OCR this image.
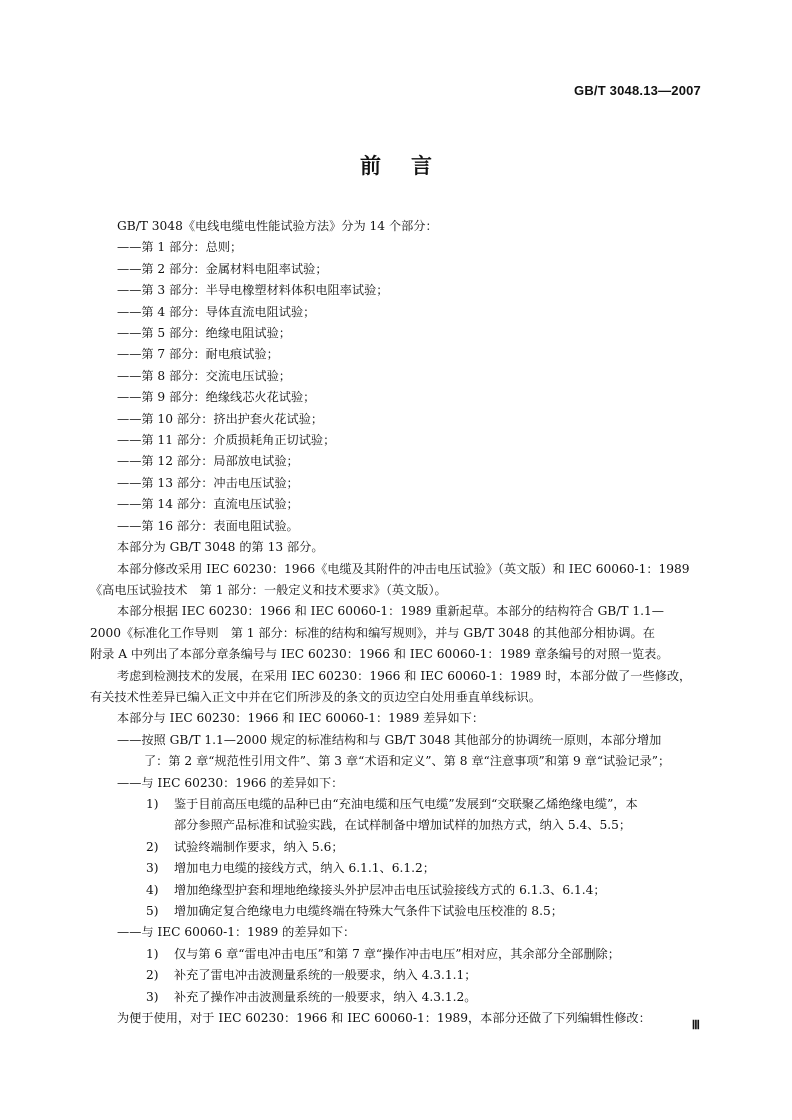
GB/T 3048.13—2007
前 言

GB/T 3048《电线电缆电性能试验方法》分为 14 个部分：

——第 1 部分：总则；

——第 2 部分：金属材料电阻率试验；

——第 3 部分：半导电橡塑材料体积电阻率试验；

——第 4 部分：导体直流电阻试验；

——第 5 部分：绝缘电阻试验；

——第 7 部分：耐电痕试验；

——第 8 部分：交流电压试验；

——第 9 部分：绝缘线芯火花试验；

——第 10 部分：挤出护套火花试验；

——第 11 部分：介质损耗角正切试验；

——第 12 部分：局部放电试验；

——第 13 部分：冲击电压试验；

——第 14 部分：直流电压试验；

——第 16 部分：表面电阻试验。

本部分为 GB/T 3048 的第 13 部分。

本部分修改采用 IEC 60230：1966《电缆及其附件的冲击电压试验》（英文版）和 IEC 60060-1：1989

《高电压试验技术　第 1 部分：一般定义和技术要求》（英文版）。

本部分根据 IEC 60230：1966 和 IEC 60060-1：1989 重新起草。本部分的结构符合 GB/T 1.1—

2000《标准化工作导则　第 1 部分：标准的结构和编写规则》，并与 GB/T 3048 的其他部分相协调。在

附录 A 中列出了本部分章条编号与 IEC 60230：1966 和 IEC 60060-1：1989 章条编号的对照一览表。

考虑到检测技术的发展，在采用 IEC 60230：1966 和 IEC 60060-1：1989 时，本部分做了一些修改，

有关技术性差异已编入正文中并在它们所涉及的条文的页边空白处用垂直单线标识。

本部分与 IEC 60230：1966 和 IEC 60060-1：1989 差异如下：

——按照 GB/T 1.1—2000 规定的标准结构和与 GB/T 3048 其他部分的协调统一原则，本部分增加

了：第 2 章“规范性引用文件”、第 3 章“术语和定义”、第 8 章“注意事项”和第 9 章“试验记录”；

——与 IEC 60230：1966 的差异如下：

1) 鉴于目前高压电缆的品种已由“充油电缆和压气电缆”发展到“交联聚乙烯绝缘电缆”，本

部分参照产品标准和试验实践，在试样制备中增加试样的加热方式，纳入 5.4、5.5；

2) 试验终端制作要求，纳入 5.6；

3) 增加电力电缆的接线方式，纳入 6.1.1、6.1.2；

4) 增加绝缘型护套和埋地绝缘接头外护层冲击电压试验接线方式的 6.1.3、6.1.4；

5) 增加确定复合绝缘电力电缆终端在特殊大气条件下试验电压校准的 8.5；

——与 IEC 60060-1：1989 的差异如下：

1) 仅与第 6 章“雷电冲击电压”和第 7 章“操作冲击电压”相对应，其余部分全部删除；

2) 补充了雷电冲击波测量系统的一般要求，纳入 4.3.1.1；

3) 补充了操作冲击波测量系统的一般要求，纳入 4.3.1.2。

为便于使用，对于 IEC 60230：1966 和 IEC 60060-1：1989，本部分还做了下列编辑性修改：	Ⅲ
